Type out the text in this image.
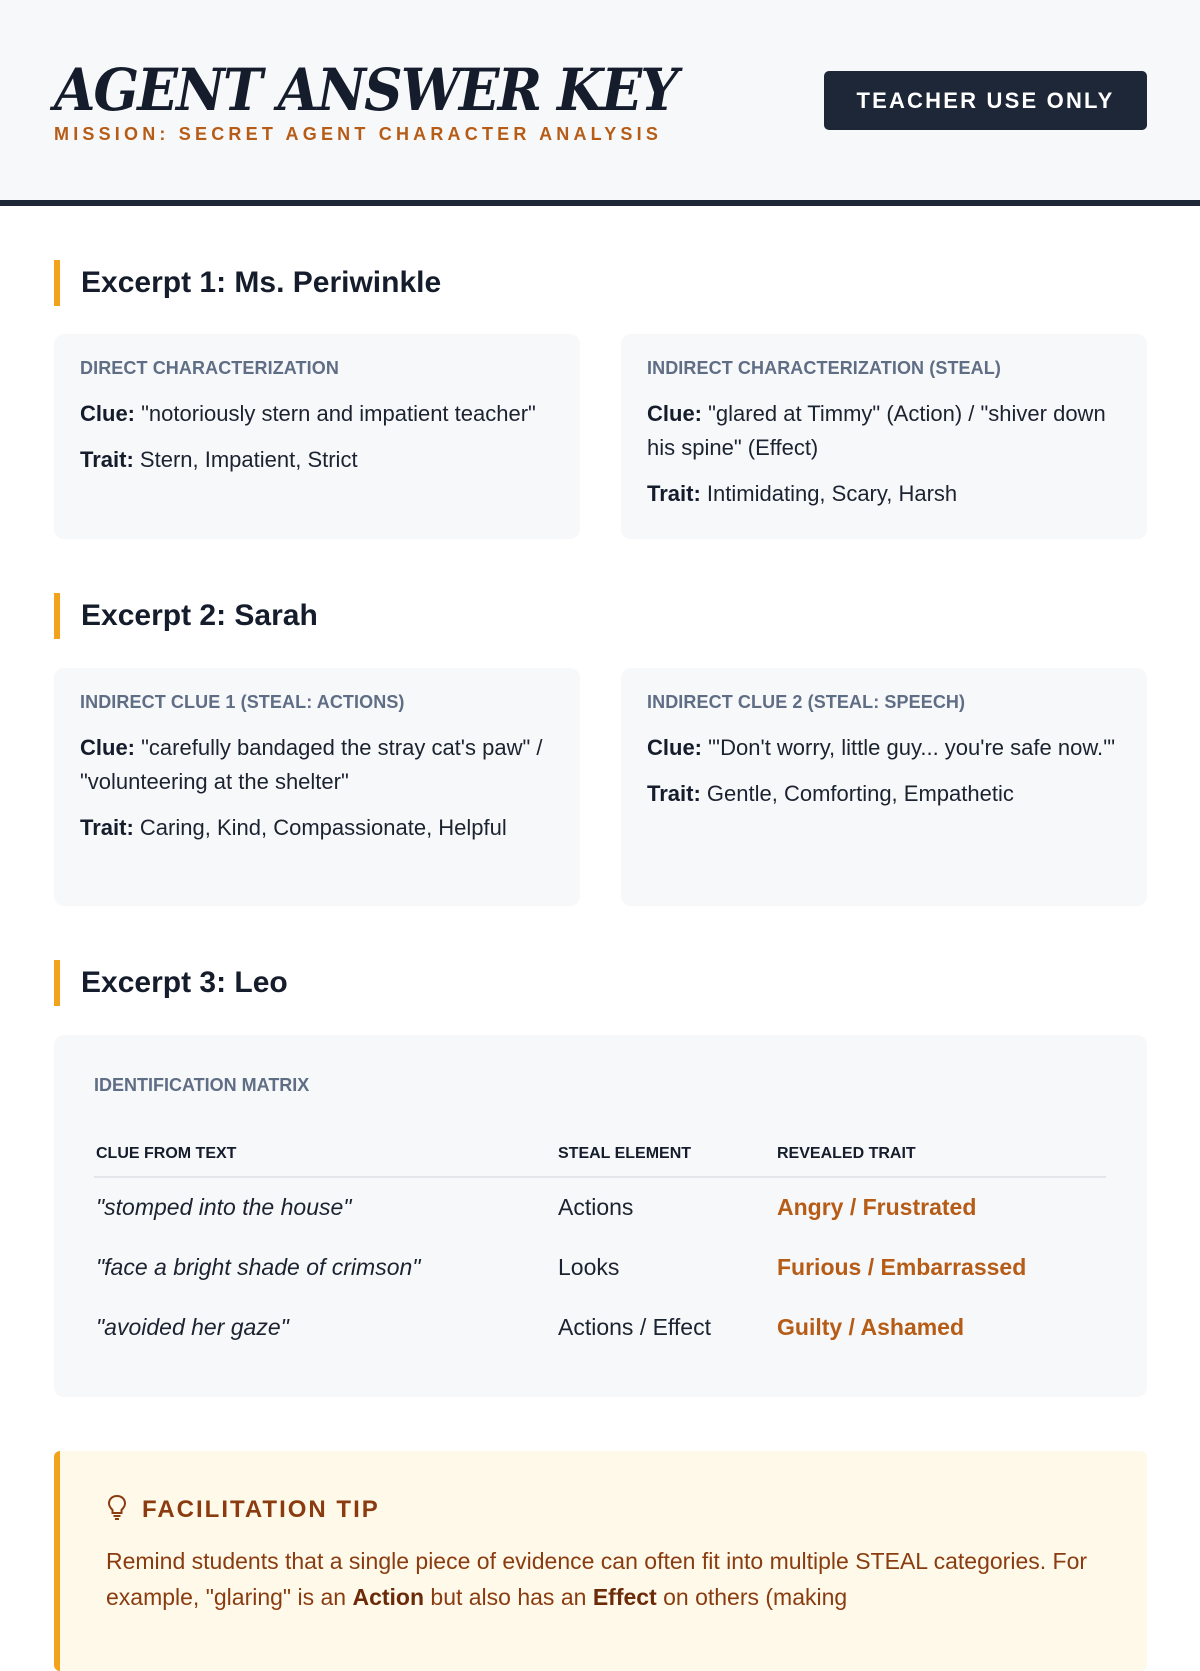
AGENT ANSWER KEY
MISSION: SECRET AGENT CHARACTER ANALYSIS
TEACHER USE ONLY
Excerpt 1: Ms. Periwinkle
DIRECT CHARACTERIZATION
Clue: "notoriously stern and impatient teacher"
Trait: Stern, Impatient, Strict
INDIRECT CHARACTERIZATION (STEAL)
Clue: "glared at Timmy" (Action) / "shiver down his spine" (Effect)
Trait: Intimidating, Scary, Harsh
Excerpt 2: Sarah
INDIRECT CLUE 1 (STEAL: ACTIONS)
Clue: "carefully bandaged the stray cat's paw" / "volunteering at the shelter"
Trait: Caring, Kind, Compassionate, Helpful
INDIRECT CLUE 2 (STEAL: SPEECH)
Clue: "'Don't worry, little guy... you're safe now.'"
Trait: Gentle, Comforting, Empathetic
Excerpt 3: Leo
IDENTIFICATION MATRIX
CLUE FROM TEXT	STEAL ELEMENT	REVEALED TRAIT
"stomped into the house"	Actions	Angry / Frustrated
"face a bright shade of crimson"	Looks	Furious / Embarrassed
"avoided her gaze"	Actions / Effect	Guilty / Ashamed
FACILITATION TIP
Remind students that a single piece of evidence can often fit into multiple STEAL categories. For example, "glaring" is an Action but also has an Effect on others (making
